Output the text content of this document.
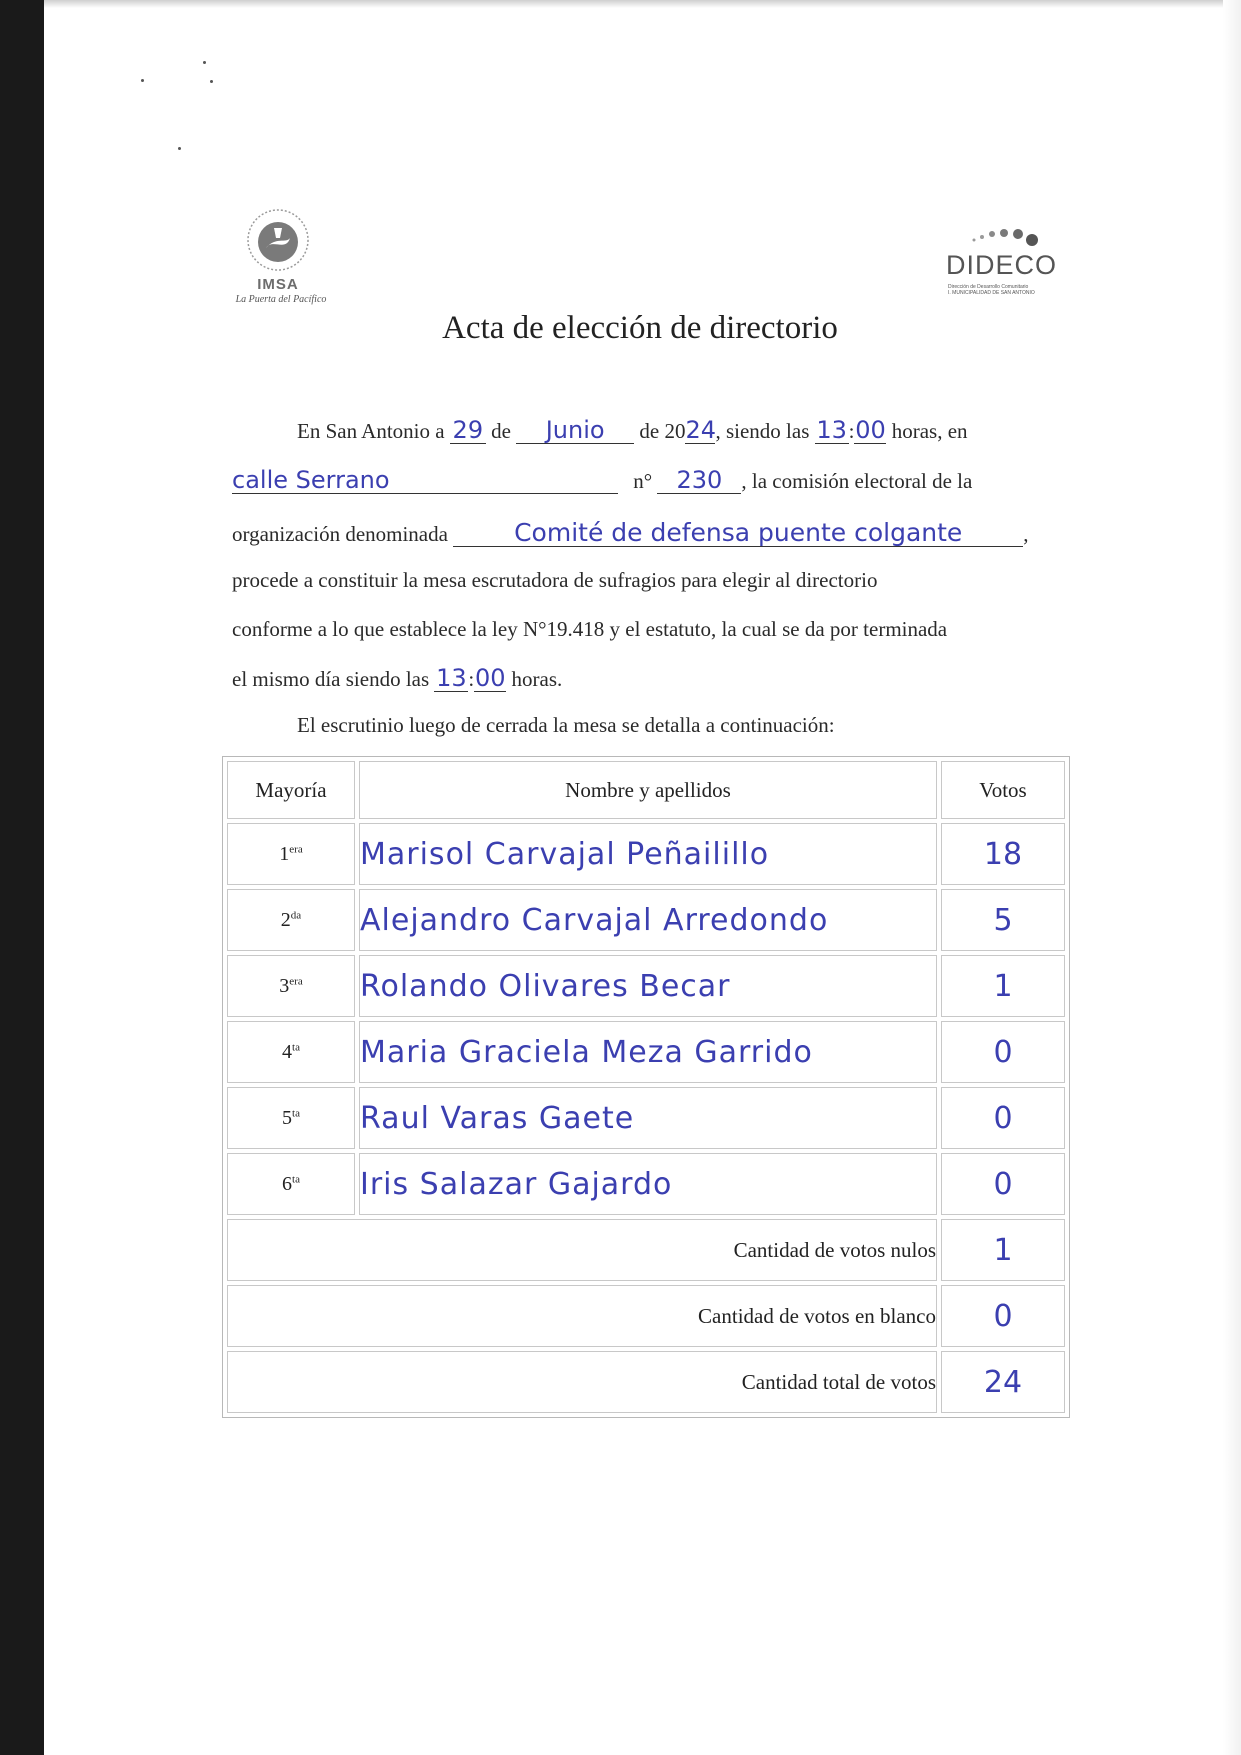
IMSA
La Puerta del Pacífico
DIDECO
Dirección de Desarrollo Comunitario
I. MUNICIPALIDAD DE SAN ANTONIO
Acta de elección de directorio
En San Antonio a 29 de Junio de 2024, siendo las 13:00 horas, en
calle Serrano	n° 230 , la comisión electoral de la
organización denominada	Comité de defensa puente colgante	,
procede a constituir la mesa escrutadora de sufragios para elegir al directorio
conforme a lo que establece la ley N°19.418 y el estatuto, la cual se da por terminada
el mismo día siendo las 13:00 horas.
El escrutinio luego de cerrada la mesa se detalla a continuación:
Mayoría	Nombre y apellidos	Votos
$1^{era}$	Marisol Carvajal Peñailillo	18
$2^{da}$	Alejandro Carvajal Arredondo	5
$3^{era}$	Rolando Olivares Becar	1
$4^{ta}$	Maria Graciela Meza Garrido	0
$5^{ta}$	Raul Varas Gaete	0
$6^{ta}$	Iris Salazar Gajardo	0
Cantidad de votos nulos		1
Cantidad de votos en blanco		0
Cantidad total de votos		24
